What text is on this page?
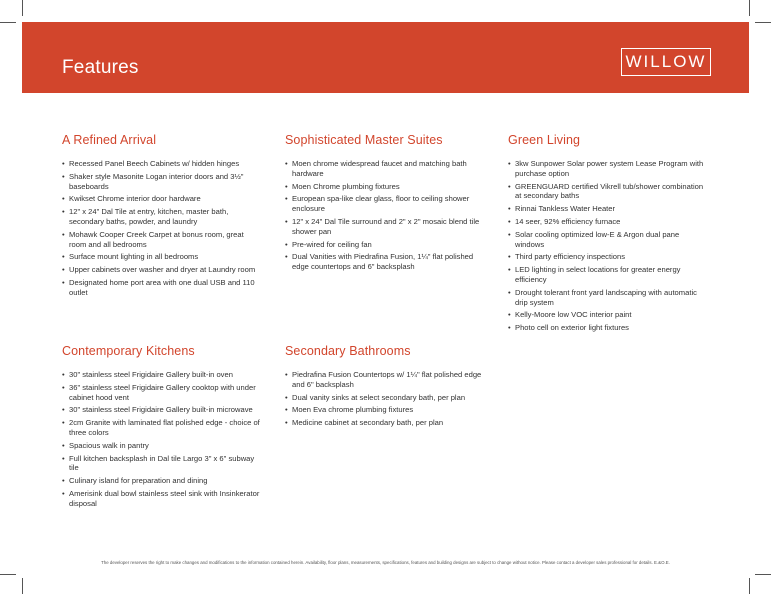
Features	WILLOW
A Refined Arrival
• Recessed Panel Beech Cabinets w/ hidden hinges
• Shaker style Masonite Logan interior doors and 3½" baseboards
• Kwikset Chrome interior door hardware
• 12" x 24" Dal Tile at entry, kitchen, master bath, secondary baths, powder, and laundry
• Mohawk Cooper Creek Carpet at bonus room, great room and all bedrooms
• Surface mount lighting in all bedrooms
• Upper cabinets over washer and dryer at Laundry room
• Designated home port area with one dual USB and 110 outlet
Contemporary Kitchens
• 30" stainless steel Frigidaire Gallery built-in oven
• 36" stainless steel Frigidaire Gallery cooktop with under cabinet hood vent
• 30" stainless steel Frigidaire Gallery built-in microwave
• 2cm Granite with laminated flat polished edge - choice of three colors
• Spacious walk in pantry
• Full kitchen backsplash in Dal tile Largo 3" x 6" subway tile
• Culinary island for preparation and dining
• Amerisink dual bowl stainless steel sink with Insinkerator disposal
Sophisticated Master Suites
• Moen chrome widespread faucet and matching bath hardware
• Moen Chrome plumbing fixtures
• European spa-like clear glass, floor to ceiling shower enclosure
• 12" x 24" Dal Tile surround and 2" x 2" mosaic blend tile shower pan
• Pre-wired for ceiling fan
• Dual Vanities with Piedrafina Fusion, 1¼" flat polished edge countertops and 6" backsplash
Secondary Bathrooms
• Piedrafina Fusion Countertops w/ 1¼" flat polished edge and 6" backsplash
• Dual vanity sinks at select secondary bath, per plan
• Moen Eva chrome plumbing fixtures
• Medicine cabinet at secondary bath, per plan
Green Living
• 3kw Sunpower Solar power system Lease Program with purchase option
• GREENGUARD certified Vikrell tub/shower combination at secondary baths
• Rinnai Tankless Water Heater
• 14 seer, 92% efficiency furnace
• Solar cooling optimized low-E & Argon dual pane windows
• Third party efficiency inspections
• LED lighting in select locations for greater energy efficiency
• Drought tolerant front yard landscaping with automatic drip system
• Kelly-Moore low VOC interior paint
• Photo cell on exterior light fixtures
The developer reserves the right to make changes and modifications to the information contained herein. Availability, floor plans, measurements, specifications, features and building designs are subject to change without notice. Please contact a developer sales professional for details. E.&O.E.
